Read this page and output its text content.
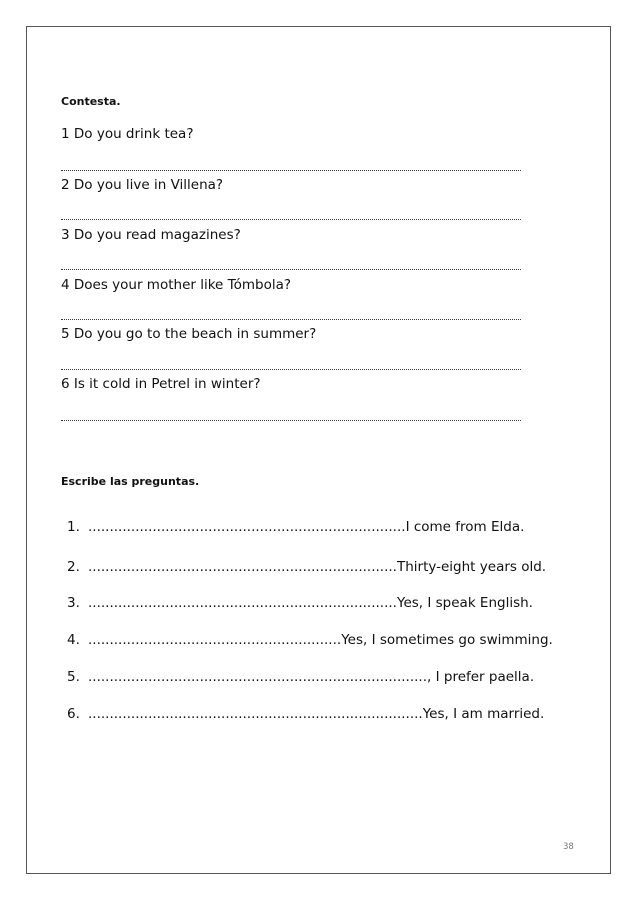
Contesta.
1 Do you drink tea?
2 Do you live in Villena?
3 Do you read magazines?
4 Does your mother like Tómbola?
5 Do you go to the beach in summer?
6 Is it cold in Petrel in winter?
Escribe las preguntas.
1. .......................................................................... I come from Elda.
2. ........................................................................ Thirty-eight years old.
3. ........................................................................ Yes, I speak English.
4. ........................................................... Yes, I sometimes go swimming.
5. ............................................................................... , I prefer paella.
6. .............................................................................. Yes, I am married.
38
